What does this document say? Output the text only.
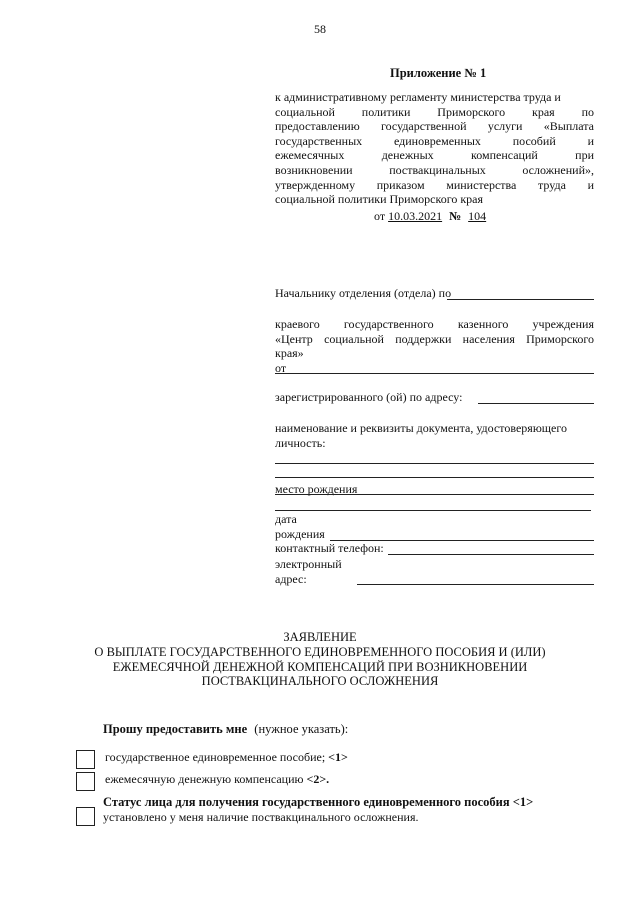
58
Приложение № 1

к административному регламенту министерства труда и

социальной политики Приморского края по

предоставлению государственной услуги «Выплата

государственных единовременных пособий и

ежемесячных денежных компенсаций при

возникновении поствакцинальных осложнений»,

утвержденному приказом министерства труда и

социальной политики Приморского края

от 10.03.2021 № 104
Начальнику отделения (отдела) по

краевого государственного казенного учреждения

«Центр социальной поддержки населения Приморского

края»

от
зарегистрированного (ой) по адресу:
наименование и реквизиты документа, удостоверяющего
личность:
место рождения
дата
рождения
контактный телефон:
электронный
адрес:
ЗАЯВЛЕНИЕ
О ВЫПЛАТЕ ГОСУДАРСТВЕННОГО ЕДИНОВРЕМЕННОГО ПОСОБИЯ И (ИЛИ)
ЕЖЕМЕСЯЧНОЙ ДЕНЕЖНОЙ КОМПЕНСАЦИЙ ПРИ ВОЗНИКНОВЕНИИ
ПОСТВАКЦИНАЛЬНОГО ОСЛОЖНЕНИЯ
Прошу предоставить мне (нужное указать):
государственное единовременное пособие; <1>
ежемесячную денежную компенсацию <2>.
Статус лица для получения государственного единовременного пособия <1>
установлено у меня наличие поствакцинального осложнения.
